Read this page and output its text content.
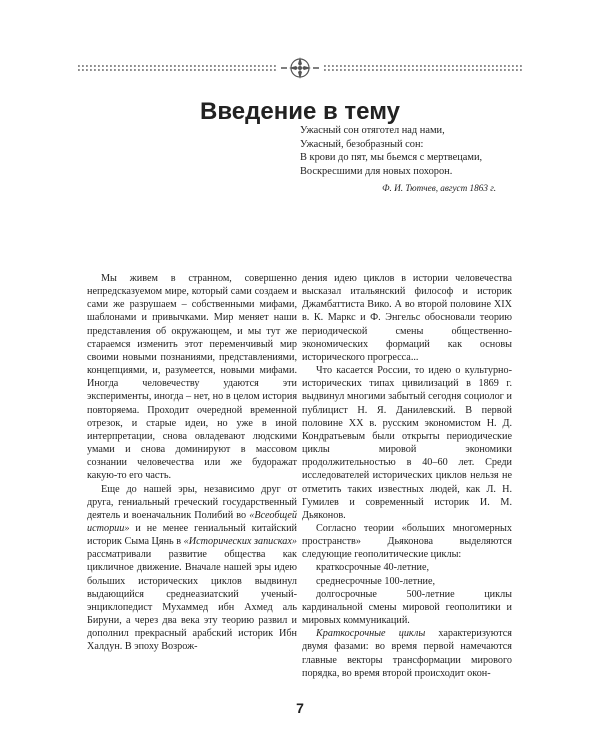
Введение в тему
Ужасный сон отяготел над нами,
Ужасный, безобразный сон:
В крови до пят, мы бьемся с мертвецами,
Воскресшими для новых похорон.
Ф. И. Тютчев, август 1863 г.

Мы живем в странном, совершенно непредсказуемом мире, который сами создаем и сами же разрушаем – собственными мифами, шаблонами и привычками. Мир меняет наши представления об окружающем, и мы тут же стараемся изменить этот переменчивый мир своими новыми познаниями, представлениями, концепциями, и, разумеется, новыми мифами. Иногда человечеству удаются эти эксперименты, иногда – нет, но в целом история повторяема. Проходит очередной временной отрезок, и старые идеи, но уже в иной интерпретации, снова овладевают людскими умами и снова доминируют в массовом сознании человечества или же будоражат какую-то его часть.

Еще до нашей эры, независимо друг от друга, гениальный греческий государственный деятель и военачальник Полибий во «Всеобщей истории» и не менее гениальный китайский историк Сыма Цянь в «Исторических записках» рассматривали развитие общества как цикличное движение. Вначале нашей эры идею больших исторических циклов выдвинул выдающийся среднеазиатский ученый-энциклопедист Мухаммед ибн Ахмед аль Бируни, а через два века эту теорию развил и дополнил прекрасный арабский историк Ибн Халдун. В эпоху Возрож-

дения идею циклов в истории человечества высказал итальянский философ и историк Джамбаттиста Вико. А во второй половине XIX в. К. Маркс и Ф. Энгельс обосновали теорию периодической смены общественно-экономических формаций как основы исторического прогресса...

Что касается России, то идею о культурно-исторических типах цивилизаций в 1869 г. выдвинул многими забытый сегодня социолог и публицист Н. Я. Данилевский. В первой половине XX в. русским экономистом Н. Д. Кондратьевым были открыты периодические циклы мировой экономики продолжительностью в 40–60 лет. Среди исследователей исторических циклов нельзя не отметить таких известных людей, как Л. Н. Гумилев и современный историк И. М. Дьяконов.

Согласно теории «больших многомерных пространств» Дьяконова выделяются следующие геополитические циклы:

краткосрочные 40-летние,

среднесрочные 100-летние,

долгосрочные 500-летние циклы кардинальной смены мировой геополитики и мировых коммуникаций.

Краткосрочные циклы характеризуются двумя фазами: во время первой намечаются главные векторы трансформации мирового порядка, во время второй происходит окон-

7
